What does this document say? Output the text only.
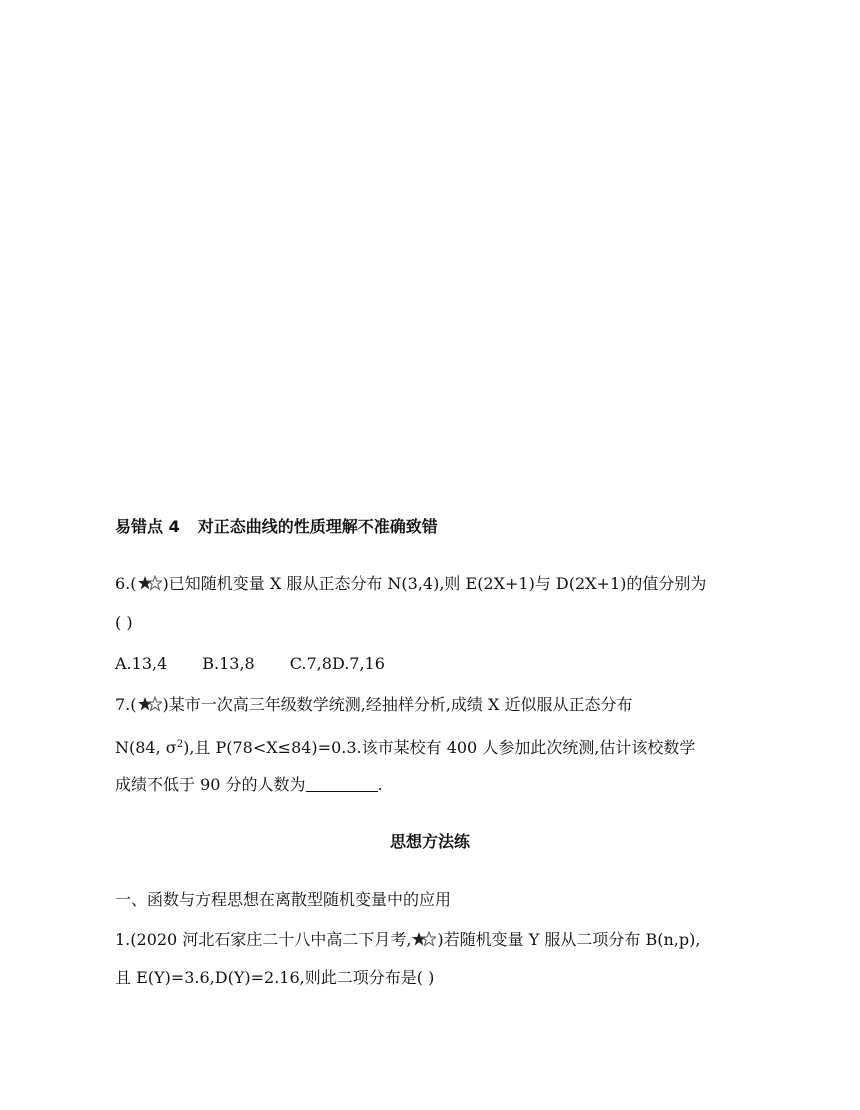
易错点 4 对正态曲线的性质理解不准确致错
6.( )已知随机变量 X 服从正态分布 N(3,4),则 E(2X+1)与 D(2X+1)的值分别为
( )
A.13,4 B.13,8 C.7,8D.7,16
7.( )某市一次高三年级数学统测,经抽样分析,成绩 X 近似服从正态分布
N(84, $\sigma^2$),且 P(78<X≤84)=0.3.该市某校有 400 人参加此次统测,估计该校数学
成绩不低于 90 分的人数为	.
思想方法练
一、函数与方程思想在离散型随机变量中的应用
1.(2020 河北石家庄二十八中高二下月考, )若随机变量 Y 服从二项分布 B(n,p),
且 E(Y)=3.6,D(Y)=2.16,则此二项分布是( )
